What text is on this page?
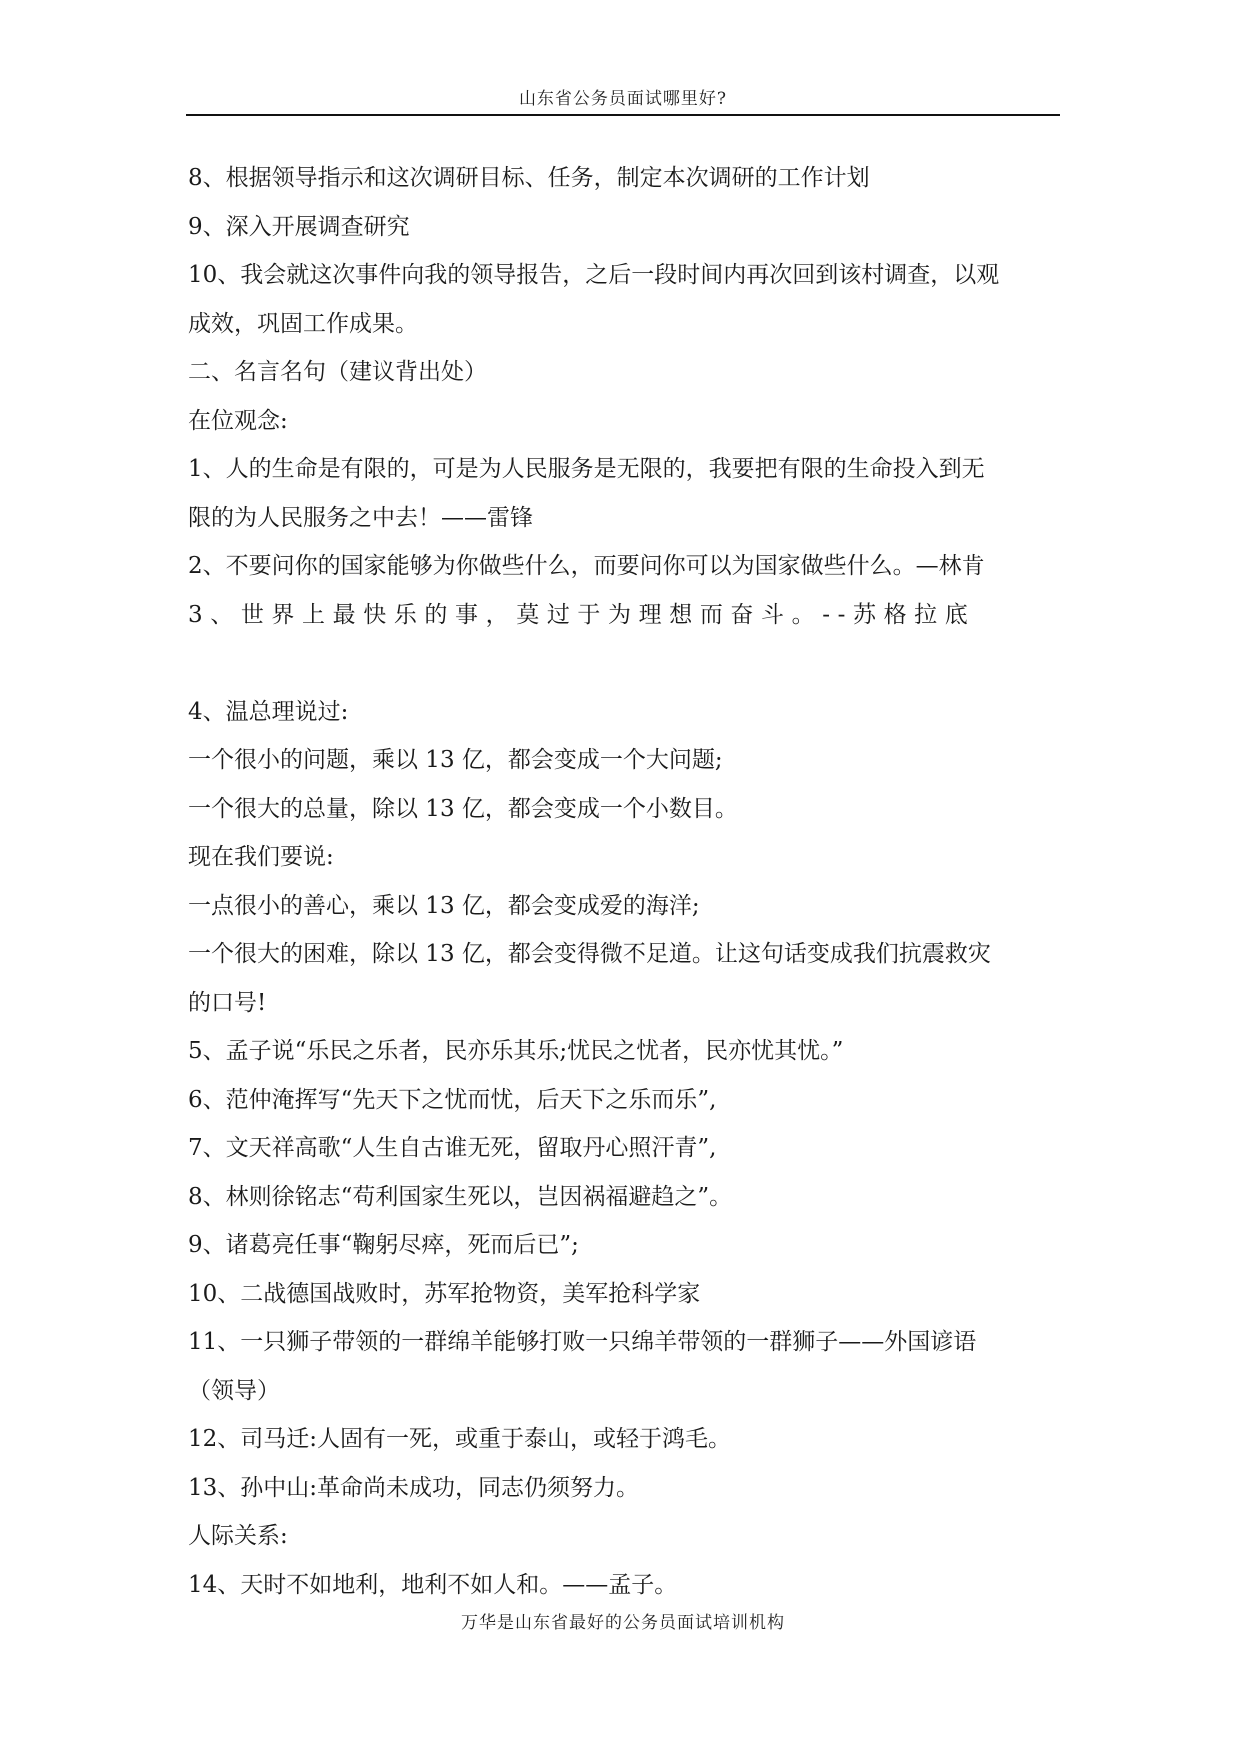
山东省公务员面试哪里好?

8、根据领导指示和这次调研目标、任务，制定本次调研的工作计划

9、深入开展调查研究

10、我会就这次事件向我的领导报告，之后一段时间内再次回到该村调查，以观

成效，巩固工作成果。

二、名言名句（建议背出处）

在位观念:

1、人的生命是有限的，可是为人民服务是无限的，我要把有限的生命投入到无

限的为人民服务之中去！——雷锋

2、不要问你的国家能够为你做些什么，而要问你可以为国家做些什么。—林肯

3、世界上最快乐的事，莫过于为理想而奋斗。--苏格拉底

4、温总理说过:

一个很小的问题，乘以 13 亿，都会变成一个大问题;

一个很大的总量，除以 13 亿，都会变成一个小数目。

现在我们要说:

一点很小的善心，乘以 13 亿，都会变成爱的海洋;

一个很大的困难，除以 13 亿，都会变得微不足道。让这句话变成我们抗震救灾

的口号!

5、孟子说“乐民之乐者，民亦乐其乐;忧民之忧者，民亦忧其忧。”

6、范仲淹挥写“先天下之忧而忧，后天下之乐而乐”,

7、文天祥高歌“人生自古谁无死，留取丹心照汗青”,

8、林则徐铭志“苟利国家生死以，岂因祸福避趋之”。

9、诸葛亮任事“鞠躬尽瘁，死而后已”;

10、二战德国战败时，苏军抢物资，美军抢科学家

11、一只狮子带领的一群绵羊能够打败一只绵羊带领的一群狮子——外国谚语

（领导）

12、司马迁:人固有一死，或重于泰山，或轻于鸿毛。

13、孙中山:革命尚未成功，同志仍须努力。

人际关系:

14、天时不如地利，地利不如人和。——孟子。

万华是山东省最好的公务员面试培训机构
